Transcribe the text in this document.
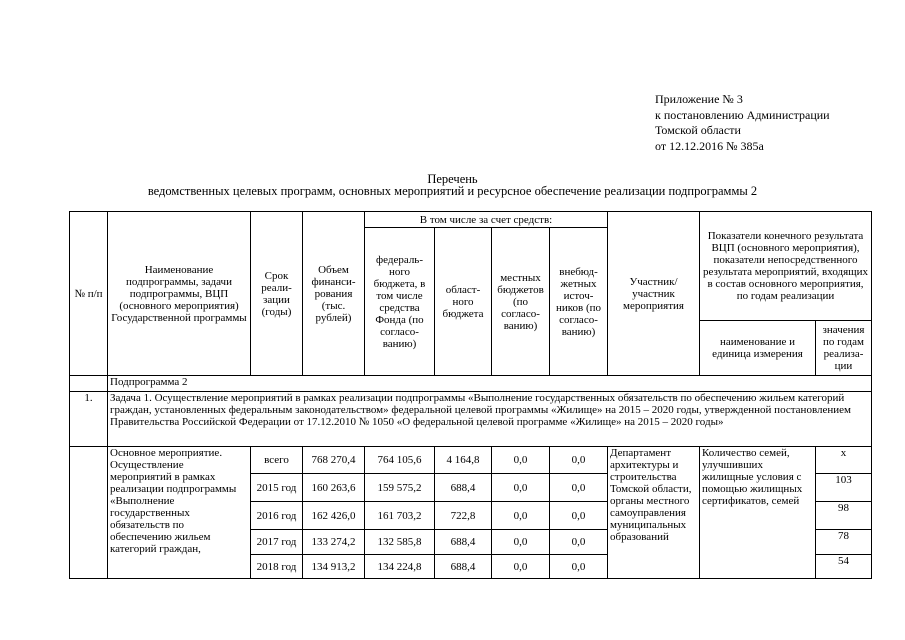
Приложение № 3
к постановлению Администрации
Томской области
от 12.12.2016 № 385а
Перечень
ведомственных целевых программ, основных мероприятий и ресурсное обеспечение реализации подпрограммы 2
№ п/п	Наименование подпрограммы, задачи подпрограммы, ВЦП (основного мероприятия) Государственной программы	Срок реали-зации (годы)	Объем финанси-рования (тыс. рублей)	В том числе за счет средств:				Участник/ участник мероприятия	Показатели конечного результата ВЦП (основного мероприятия), показатели непосредственного результата мероприятий, входящих в состав основного мероприятия, по годам реализации	
				федераль-ного бюджета, в том числе средства Фонда (по согласо-ванию)	област-ного бюджета	местных бюджетов (по согласо-ванию)	внебюд-жетных источ-ников (по согласо-ванию)			
									наименование и единица измерения	значения по годам реализа-ции
	Подпрограмма 2									
1.	Задача 1. Осуществление мероприятий в рамках реализации подпрограммы «Выполнение государственных обязательств по обеспечению жильем категорий граждан, установленных федеральным законодательством» федеральной целевой программы «Жилище» на 2015 – 2020 годы, утвержденной постановлением Правительства Российской Федерации от 17.12.2010 № 1050 «О федеральной целевой программе «Жилище» на 2015 – 2020 годы»									
	Основное мероприятие. Осуществление мероприятий в рамках реализации подпрограммы «Выполнение государственных обязательств по обеспечению жильем категорий граждан,	всего	768 270,4	764 105,6	4 164,8	0,0	0,0	Департамент архитектуры и строительства Томской области, органы местного самоуправления муниципальных образований	Количество семей, улучшивших жилищные условия с помощью жилищных сертификатов, семей	x
		2015 год	160 263,6	159 575,2	688,4	0,0	0,0			103
		2016 год	162 426,0	161 703,2	722,8	0,0	0,0			98
		2017 год	133 274,2	132 585,8	688,4	0,0	0,0			78
		2018 год	134 913,2	134 224,8	688,4	0,0	0,0			54
